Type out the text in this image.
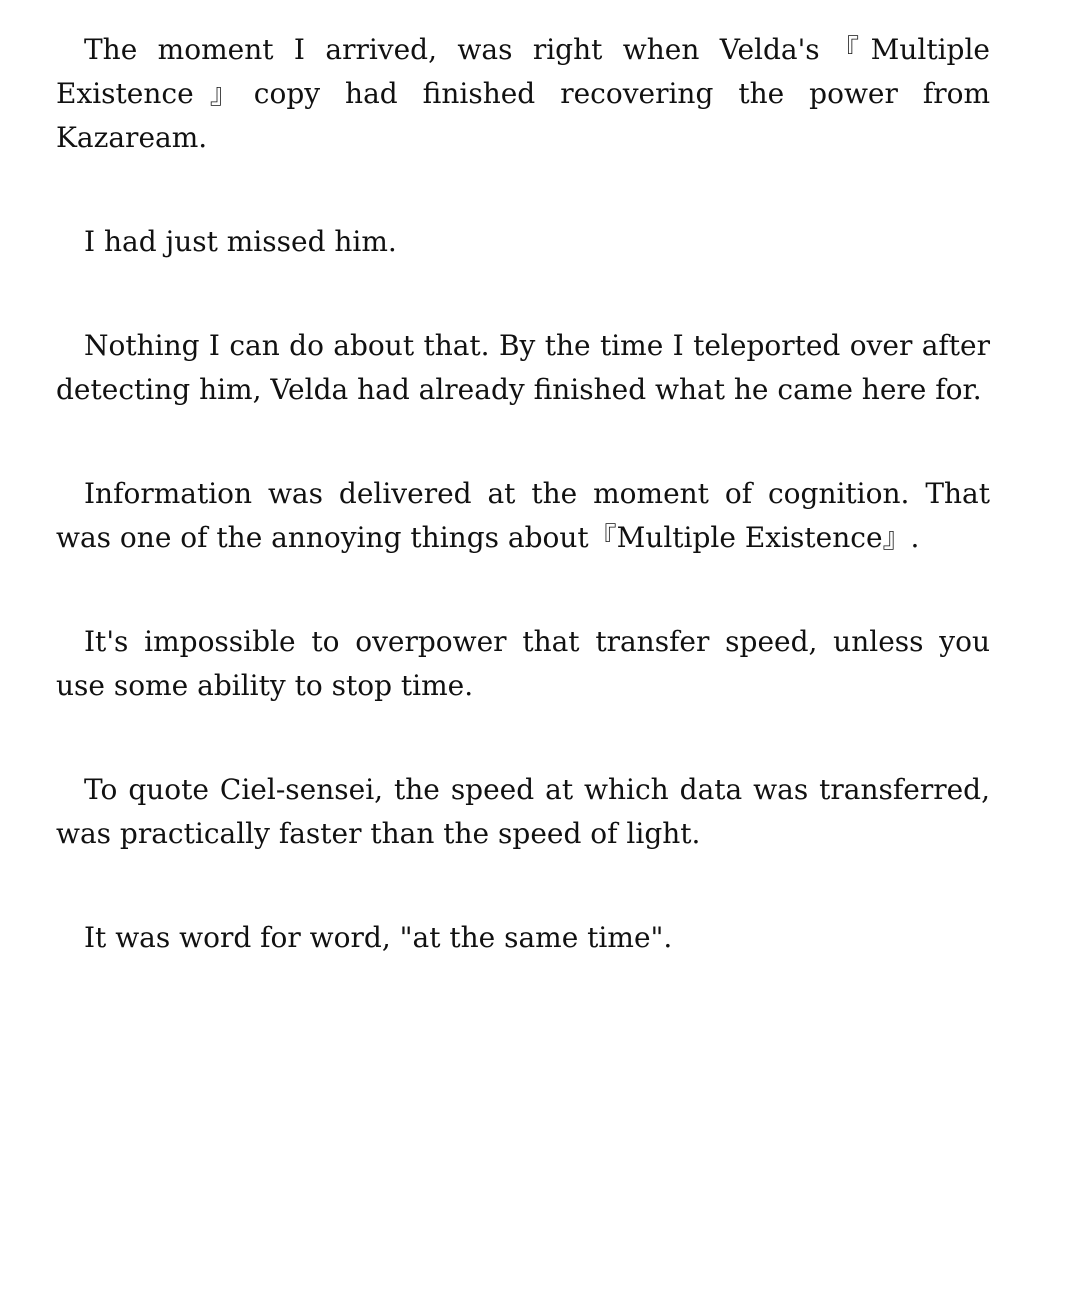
The moment I arrived, was right when Velda's『Multiple Existence』copy had finished recovering the power from Kazaream.

I had just missed him.

Nothing I can do about that. By the time I teleported over after detecting him, Velda had already finished what he came here for.

Information was delivered at the moment of cognition. That was one of the annoying things about『Multiple Existence』.

It's impossible to overpower that transfer speed, unless you use some ability to stop time.

To quote Ciel-sensei, the speed at which data was transferred, was practically faster than the speed of light.

It was word for word, "at the same time".
